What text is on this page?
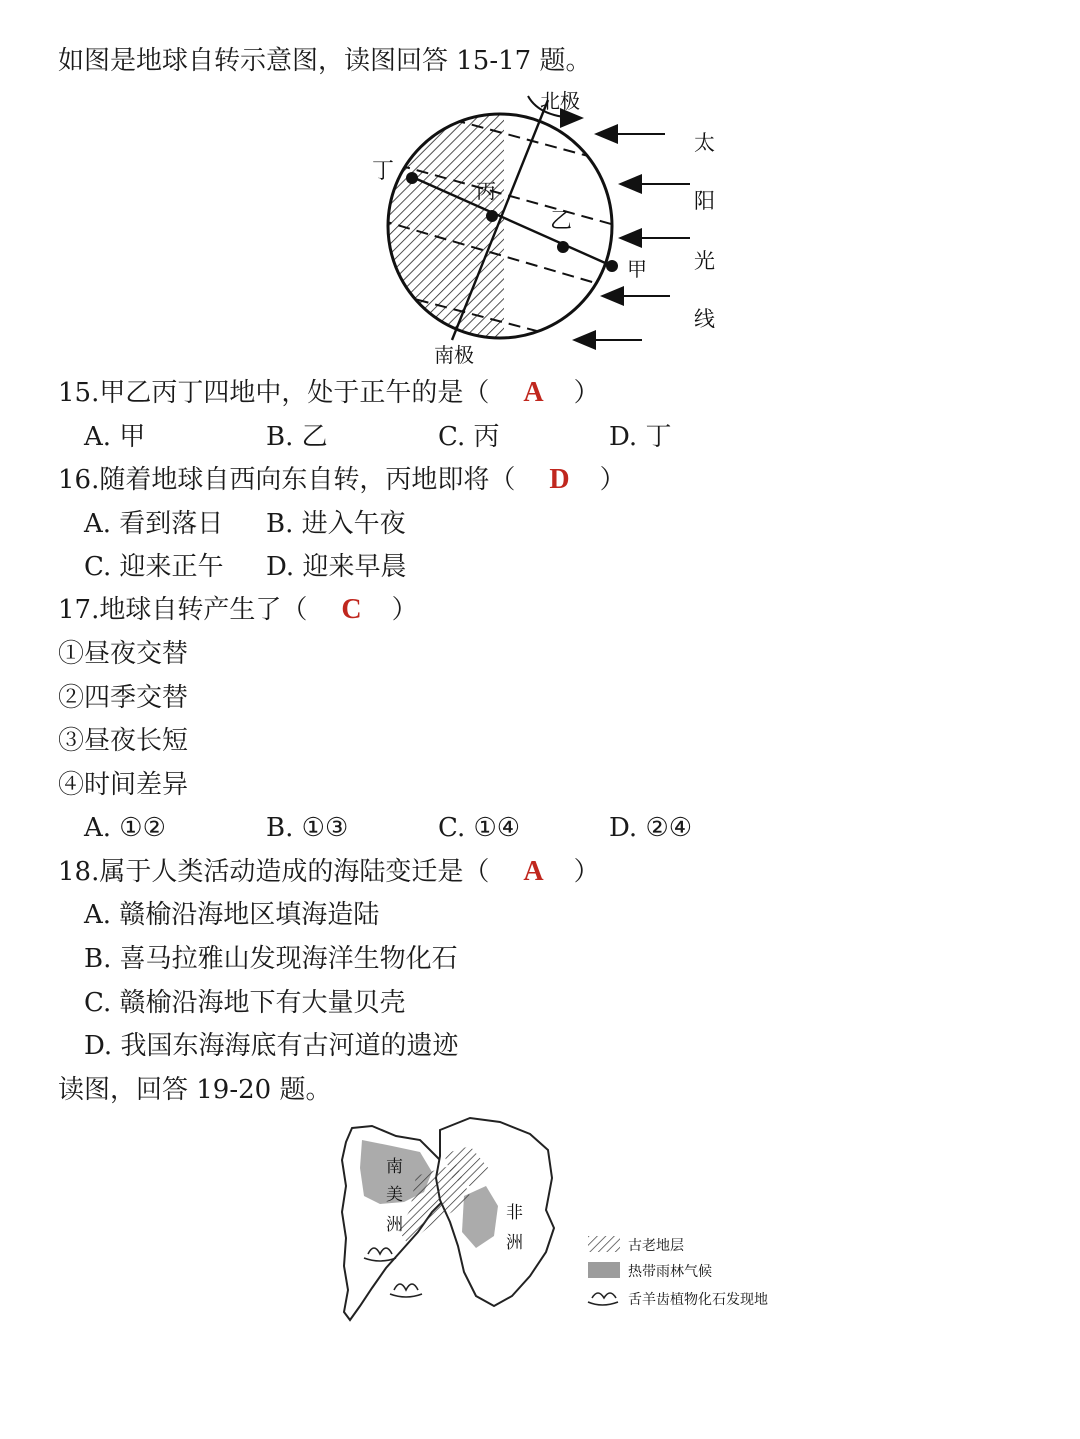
如图是地球自转示意图，读图回答 15-17 题。
北极
南极
丁
丙
乙
甲
太
阳
光
线
15.甲乙丙丁四地中，处于正午的是（ A ）
A. 甲	B. 乙	C. 丙	D. 丁
16.随着地球自西向东自转，丙地即将（ D ）
A. 看到落日 B. 进入午夜
C. 迎来正午 D. 迎来早晨
17.地球自转产生了（ C ）
①昼夜交替
②四季交替
③昼夜长短
④时间差异
A. ①②	B. ①③	C. ①④	D. ②④
18.属于人类活动造成的海陆变迁是（ A ）
A. 赣榆沿海地区填海造陆
B. 喜马拉雅山发现海洋生物化石
C. 赣榆沿海地下有大量贝壳
D. 我国东海海底有古河道的遗迹
读图，回答 19-20 题。
南
美
洲
非
洲	古老地层
热带雨林气候
舌羊齿植物化石发现地
